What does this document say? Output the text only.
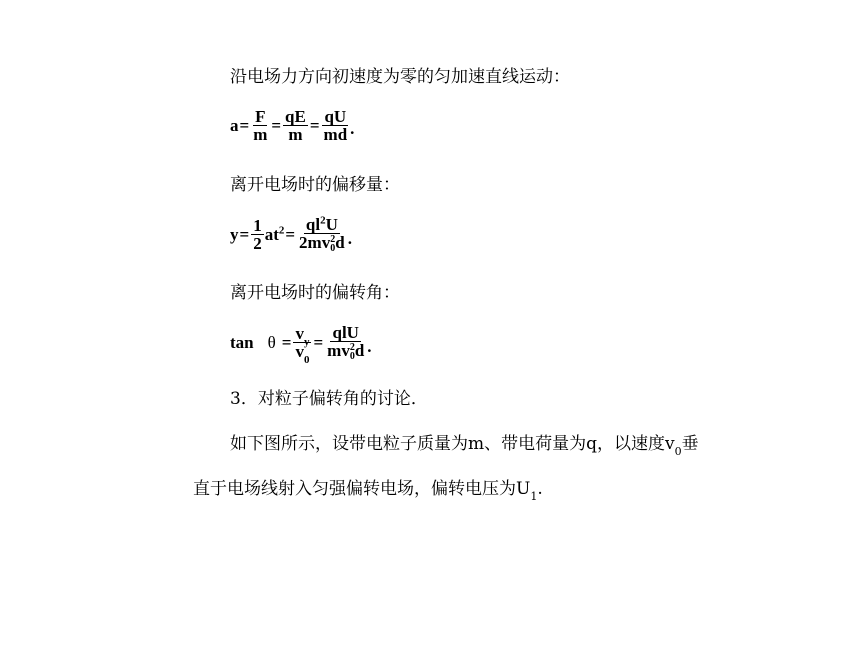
沿电场力方向初速度为零的匀加速直线运动：
$a = \frac{F}{m} = \frac{qE}{m} = \frac{qU}{md}$ .
离开电场时的偏移量：
$y = \frac{1}{2} at^2 = ql^2U$
2mv 2
0 d .
离开电场时的偏转角：
$\tan \theta = \frac{v_y}{v_0}$ = qlU
mv 2
0 d .
3．对粒子偏转角的讨论．
如下图所示，设带电粒子质量为m、带电荷量为q，以速度$v_0$垂
直于电场线射入匀强偏转电场，偏转电压为$U_1$.
